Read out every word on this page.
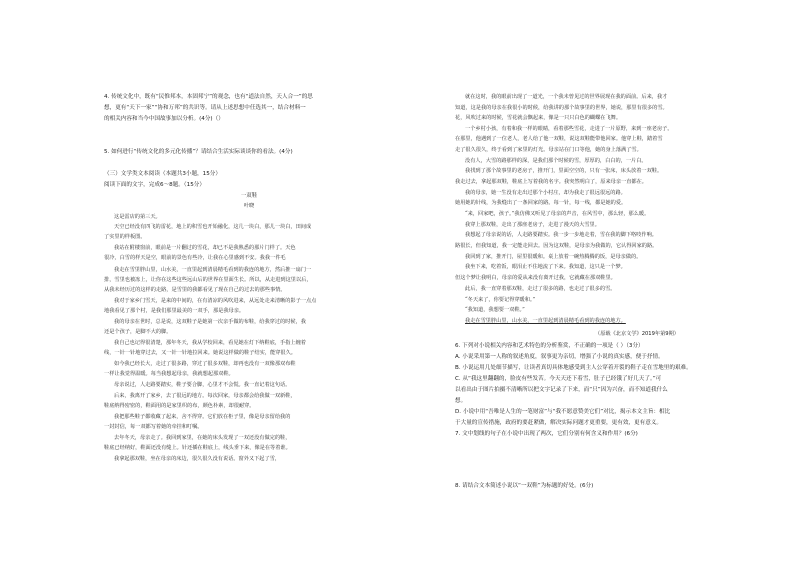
4. 传统文化中，既有“民惟邦本，本固邦宁”的观念，也有“道法自然，天人合一”的思
想，更有“天下一家”“协和万邦”的共识等。请从上述思想中任选其一，结合材料一
的相关内容和当今中国故事加以分析。(4分)（）
5. 如何进行“传统文化的多元化传播”？请结合生活实际谈谈你的看法。(4分)
（三）文学类文本阅读（本题共3小题，15分）
阅读下面的文字，完成6～8题。（15分）
一双鞋
叶晓
这是雷店的第三天。
天空已经没有四飞的雷花，地上的积雪也开始融化，这几一块白，那儿一块白，田间成
了实里的样板图。
我站在附楼窗前，眼前是一片翻过的雪花，却已不是我熟悉的那片门样了。天色
很冷，白雪的样天是空，眼前的景色有些冷，让我在心里感到不安。我我一件毛
我走在雪里胖山里，山水美，一直里起到清晨精毛看到的我连的地方，然后推一扇门一
排，雪里也被冻上，让你在这些这些远山后的世界在里面生长。所以，从走进到这里以后，
从我未经历过的这样的走路，是雪里的我都看见了现在自己的过去的那些事情。
我对于家乡门雪天，是来的中间的，在有清凉的风吹进来，从远处走来清晰的影子一点点
地我看见了那个村，是我们那里最美的一双手，那是我母亲。
我的母亲在世时，总是说，这双鞋子是她第一次亲手做的布鞋，给我穿过的时候，我
还是个孩子，是脚不大的脚。
我自己也记得很清楚，那年冬天，我从学校回来，看见她在灯下纳鞋底，手指上缠着
线，一针一针地穿过去，又一针一针地拉回来。她说这样做的鞋子结实，能穿很久。
如今我已经长大，走过了很多路，穿过了很多双鞋，却再也没有一双像那双布鞋
一样让我觉得温暖。每当我想起母亲，我就想起那双鞋。
母亲说过，人走路要踏实，鞋子要合脚，心里才不会慌。我一直记着这句话。
后来，我离开了家乡，去了很远的地方。每次回家，母亲都会给我做一双新鞋，
鞋底纳得密密的，鞋面用的是家里织的布，颜色朴素，却很耐穿。
我把那些鞋子都收藏了起来，舍不得穿。它们放在柜子里，像是母亲留给我的
一封封信，每一双都写着她的牵挂和叮嘱。
去年冬天，母亲走了。我回到家里，在她的床头发现了一双还没有做完的鞋，
鞋底已经纳好，鞋面还没有缝上。针还插在鞋底上，线头垂下来，像是在等着谁。
我拿起那双鞋，坐在母亲的床边，很久很久没有说话。窗外又下起了雪，
就在这时，我的眼前出现了一道光，一个我未曾见过的世界展现在我的面前。后来，我才
知道，这是我的母亲在我很小的时候，给我讲的那个故事里的世界，她说，那里有很多的雪。
花，风吹过来的时候，雪花就会飘起来，像是一只只白色的蝴蝶在飞舞。
一个乡村小孩，有着和我一样的眼睛，看着那些雪花，走进了一片原野，来到一座老房子。
在那里，他遇到了一位老人，老人给了他一双鞋，说这双鞋能带他回家。他穿上鞋，踏着雪
走了很久很久，终于看到了家里的灯光。母亲站在门口等他，她的身上落满了雪。
没有人，大雪的路那样的深，是我们那个时候的雪，厚厚的，白白的，一片白。
我找到了那个故事里的老房子，推开门，里面空空的，只有一张床，床头放着一双鞋。
我走过去，拿起那双鞋，鞋底上写着我的名字。我突然明白了，原来母亲一直都在。
我的母亲，她一生没有走出过那个小村庄，却为我走了很远很远的路。
她用她的针线，为我缝出了一条回家的路。每一针，每一线，都是她的爱。
“来，回家吧，孩子。”我仿佛又听见了母亲的声音，在风雪中，那么轻，那么暖。
我穿上那双鞋，走出了那座老房子，走进了漫天的大雪里。
我想起了母亲说的话，人走路要踏实。我一步一步地走着，雪在我的脚下咯吱作响。
路很长，但我知道，我一定能走回去。因为这双鞋，是母亲为我做的，它认得回家的路。
我回到了家，推开门，屋里很暖和。桌上放着一碗热腾腾的饭，是母亲做的。
我坐下来，吃着饭，眼泪止不住地流了下来。我知道，这只是一个梦。
但这个梦让我明白，母亲的爱从来没有离开过我，它就藏在那双鞋里。
此后，我一直穿着那双鞋，走过了很多的路，也走过了很多的雪。
“冬天来了，你要记得穿暖和。”
“我知道，我想要一双鞋。”
我走在雪里胖山里，山水美，一直里起到清晨精毛看到的我连的地方。
（原载《北京文学》2019年第9期）
6. 下列对小说相关内容和艺术特色的分析鉴赏，不正确的一项是（ ）（3分）
A. 小说采用第一人称的叙述角度，叙事更为亲切，增强了小说的真实感，便于抒情。
B. 小说运用几处细节描写，让读者真切具体地感受到主人公穿着开裂的鞋子走在雪地里的艰难。
C. 从“我这里翻翻的，脸皮有些发苦。今天天还下着雪，肚子已经饿了好几天了。”可
以看出由于图片拍摄不清晰所以把文字记录了下来，而“只”因为兴奋，而不知道我什么
想。
D. 小说中用“吾唯是人生的一笔财富”与“我不愿意赞美它们”对比，揭示本文主旨：相比
于大量的宣传措施，政府的要赶紧做，解决实际问题才更重要，更有效，更有意义。
7. 文中划线的句子在小说中出现了两次，它们分别有何含义和作用？(6分)
8. 请结合文本简述小说以“一双鞋”为标题的好处。(6分)
